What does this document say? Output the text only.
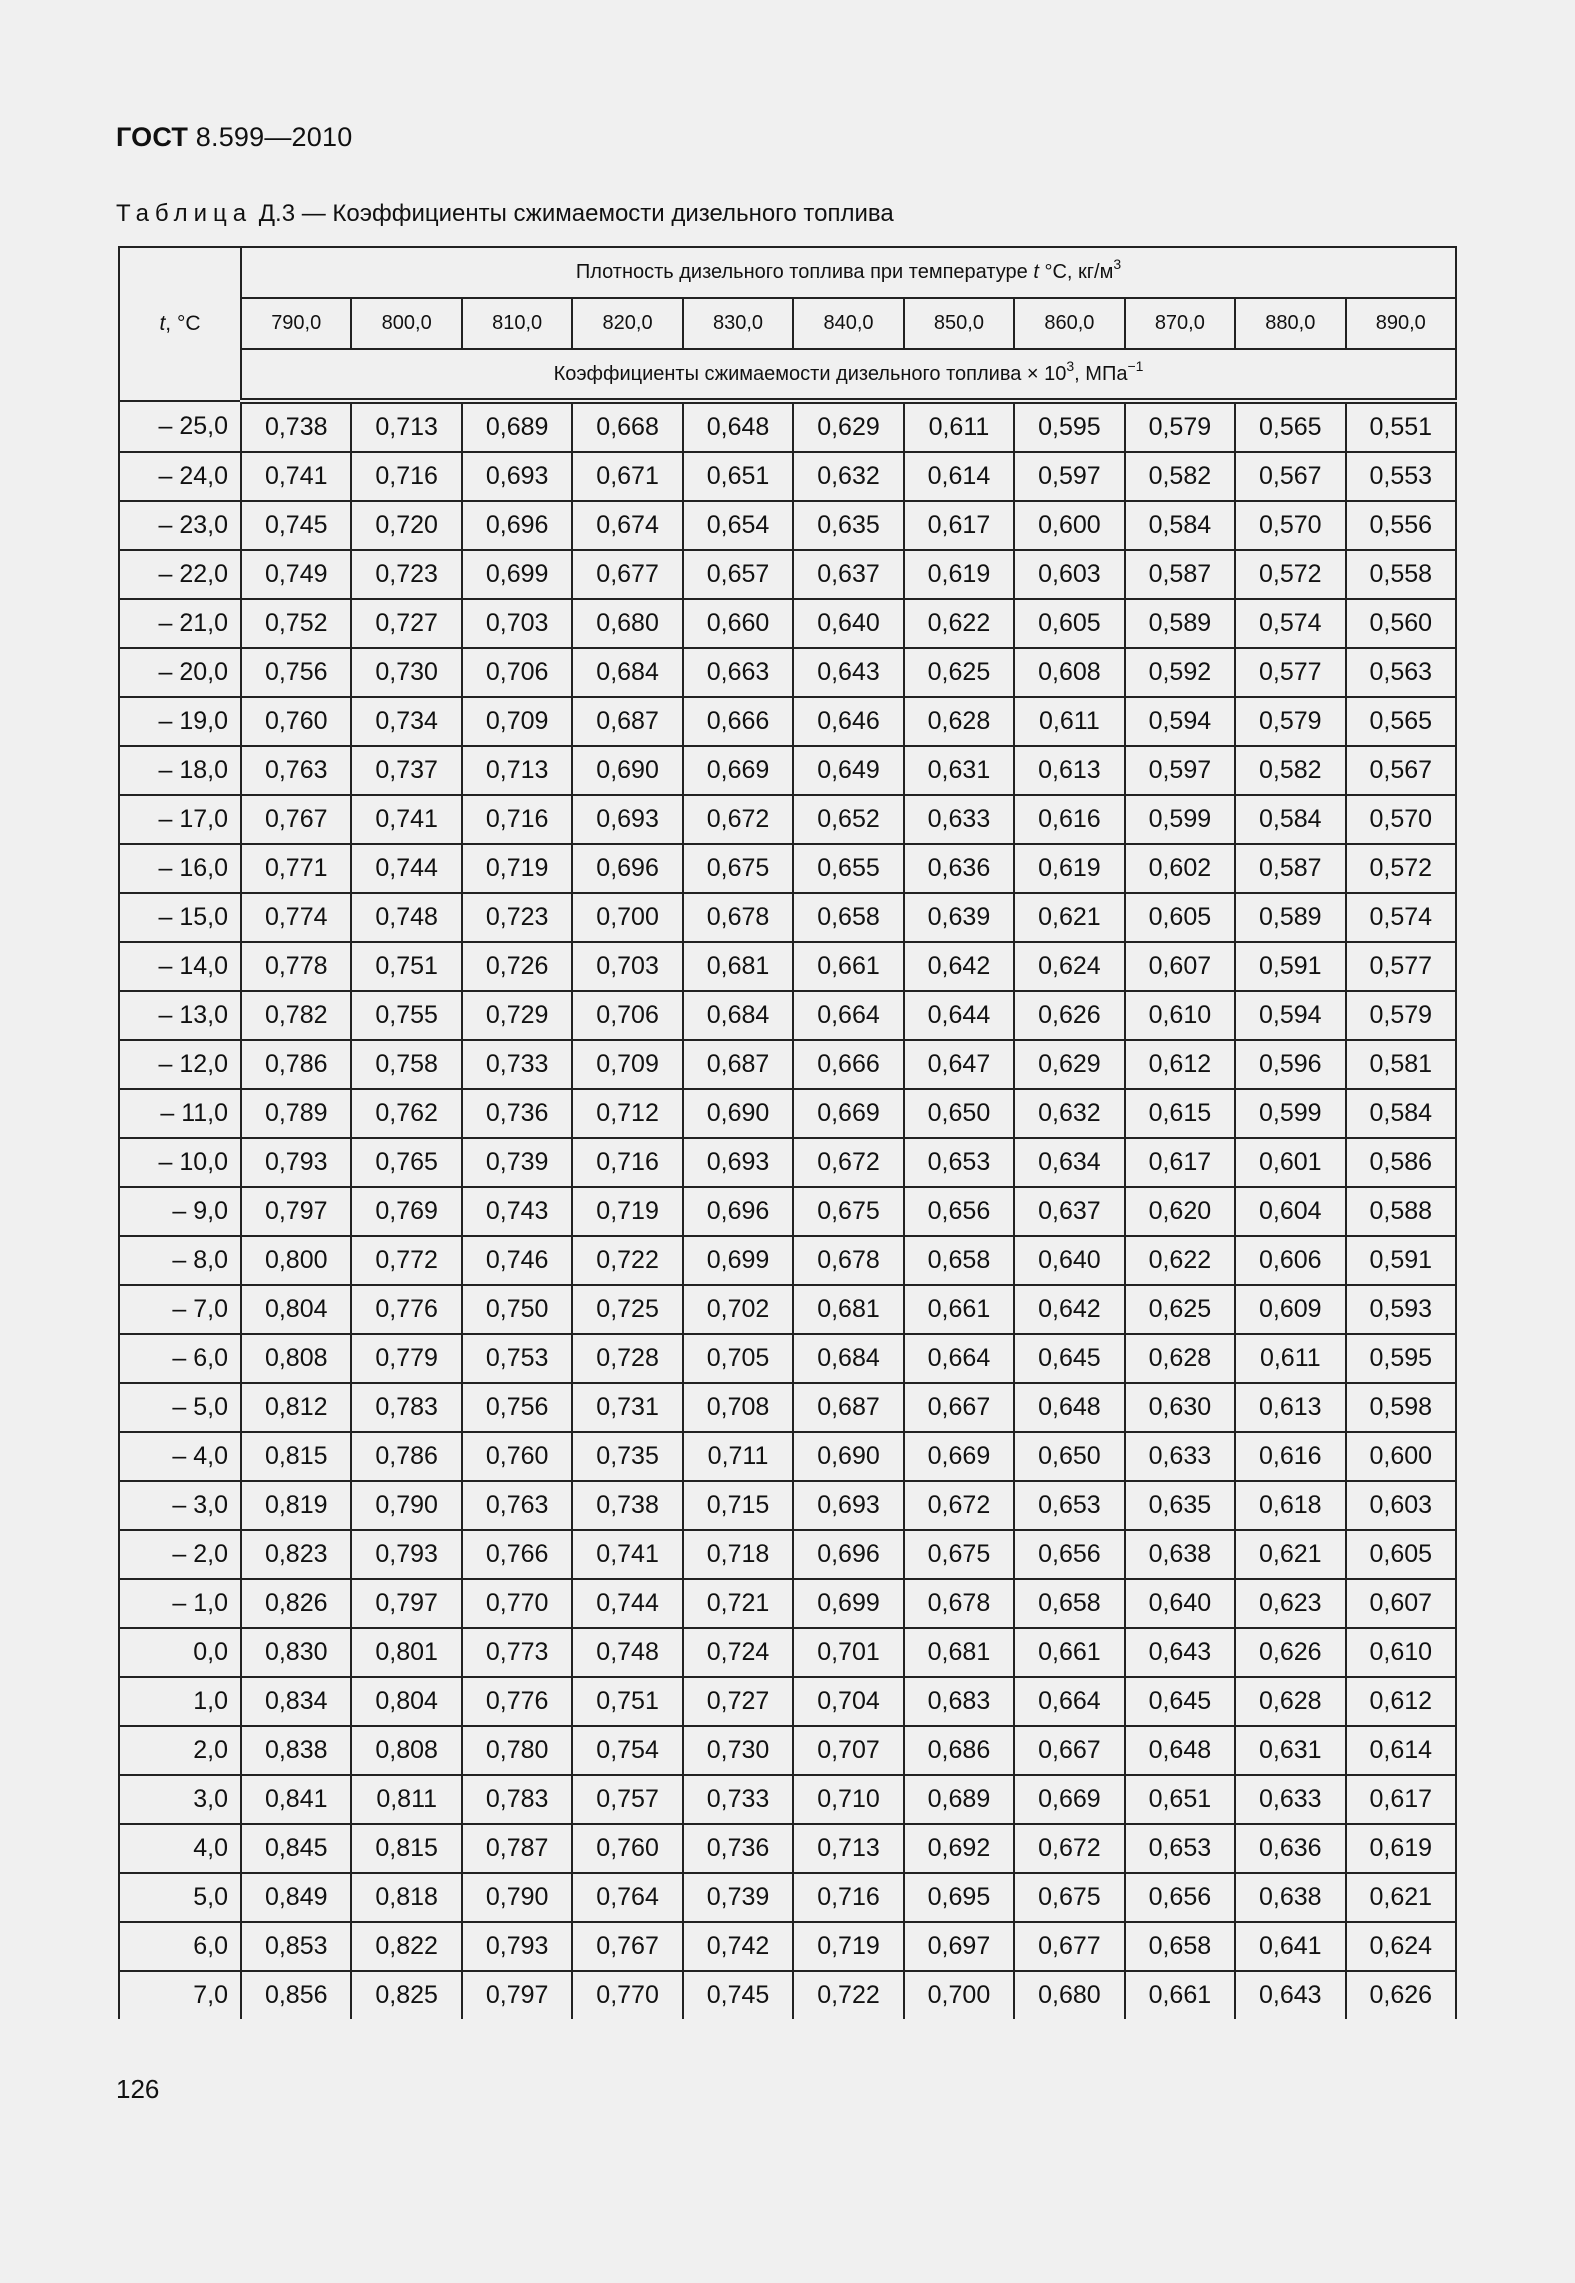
ГОСТ 8.599—2010
Таблица Д.3 — Коэффициенты сжимаемости дизельного топлива
t, °С	Плотность дизельного топлива при температуре t °С, $кг/м^3$
	790,0	800,0	810,0	820,0	830,0	840,0	850,0	860,0	870,0	880,0	890,0
	Коэффициенты сжимаемости дизельного топлива × $10^3$, МПа$^{-1}$
– 25,0	0,738	0,713	0,689	0,668	0,648	0,629	0,611	0,595	0,579	0,565	0,551
– 24,0	0,741	0,716	0,693	0,671	0,651	0,632	0,614	0,597	0,582	0,567	0,553
– 23,0	0,745	0,720	0,696	0,674	0,654	0,635	0,617	0,600	0,584	0,570	0,556
– 22,0	0,749	0,723	0,699	0,677	0,657	0,637	0,619	0,603	0,587	0,572	0,558
– 21,0	0,752	0,727	0,703	0,680	0,660	0,640	0,622	0,605	0,589	0,574	0,560
– 20,0	0,756	0,730	0,706	0,684	0,663	0,643	0,625	0,608	0,592	0,577	0,563
– 19,0	0,760	0,734	0,709	0,687	0,666	0,646	0,628	0,611	0,594	0,579	0,565
– 18,0	0,763	0,737	0,713	0,690	0,669	0,649	0,631	0,613	0,597	0,582	0,567
– 17,0	0,767	0,741	0,716	0,693	0,672	0,652	0,633	0,616	0,599	0,584	0,570
– 16,0	0,771	0,744	0,719	0,696	0,675	0,655	0,636	0,619	0,602	0,587	0,572
– 15,0	0,774	0,748	0,723	0,700	0,678	0,658	0,639	0,621	0,605	0,589	0,574
– 14,0	0,778	0,751	0,726	0,703	0,681	0,661	0,642	0,624	0,607	0,591	0,577
– 13,0	0,782	0,755	0,729	0,706	0,684	0,664	0,644	0,626	0,610	0,594	0,579
– 12,0	0,786	0,758	0,733	0,709	0,687	0,666	0,647	0,629	0,612	0,596	0,581
– 11,0	0,789	0,762	0,736	0,712	0,690	0,669	0,650	0,632	0,615	0,599	0,584
– 10,0	0,793	0,765	0,739	0,716	0,693	0,672	0,653	0,634	0,617	0,601	0,586
– 9,0	0,797	0,769	0,743	0,719	0,696	0,675	0,656	0,637	0,620	0,604	0,588
– 8,0	0,800	0,772	0,746	0,722	0,699	0,678	0,658	0,640	0,622	0,606	0,591
– 7,0	0,804	0,776	0,750	0,725	0,702	0,681	0,661	0,642	0,625	0,609	0,593
– 6,0	0,808	0,779	0,753	0,728	0,705	0,684	0,664	0,645	0,628	0,611	0,595
– 5,0	0,812	0,783	0,756	0,731	0,708	0,687	0,667	0,648	0,630	0,613	0,598
– 4,0	0,815	0,786	0,760	0,735	0,711	0,690	0,669	0,650	0,633	0,616	0,600
– 3,0	0,819	0,790	0,763	0,738	0,715	0,693	0,672	0,653	0,635	0,618	0,603
– 2,0	0,823	0,793	0,766	0,741	0,718	0,696	0,675	0,656	0,638	0,621	0,605
– 1,0	0,826	0,797	0,770	0,744	0,721	0,699	0,678	0,658	0,640	0,623	0,607
0,0	0,830	0,801	0,773	0,748	0,724	0,701	0,681	0,661	0,643	0,626	0,610
1,0	0,834	0,804	0,776	0,751	0,727	0,704	0,683	0,664	0,645	0,628	0,612
2,0	0,838	0,808	0,780	0,754	0,730	0,707	0,686	0,667	0,648	0,631	0,614
3,0	0,841	0,811	0,783	0,757	0,733	0,710	0,689	0,669	0,651	0,633	0,617
4,0	0,845	0,815	0,787	0,760	0,736	0,713	0,692	0,672	0,653	0,636	0,619
5,0	0,849	0,818	0,790	0,764	0,739	0,716	0,695	0,675	0,656	0,638	0,621
6,0	0,853	0,822	0,793	0,767	0,742	0,719	0,697	0,677	0,658	0,641	0,624
7,0	0,856	0,825	0,797	0,770	0,745	0,722	0,700	0,680	0,661	0,643	0,626
126
